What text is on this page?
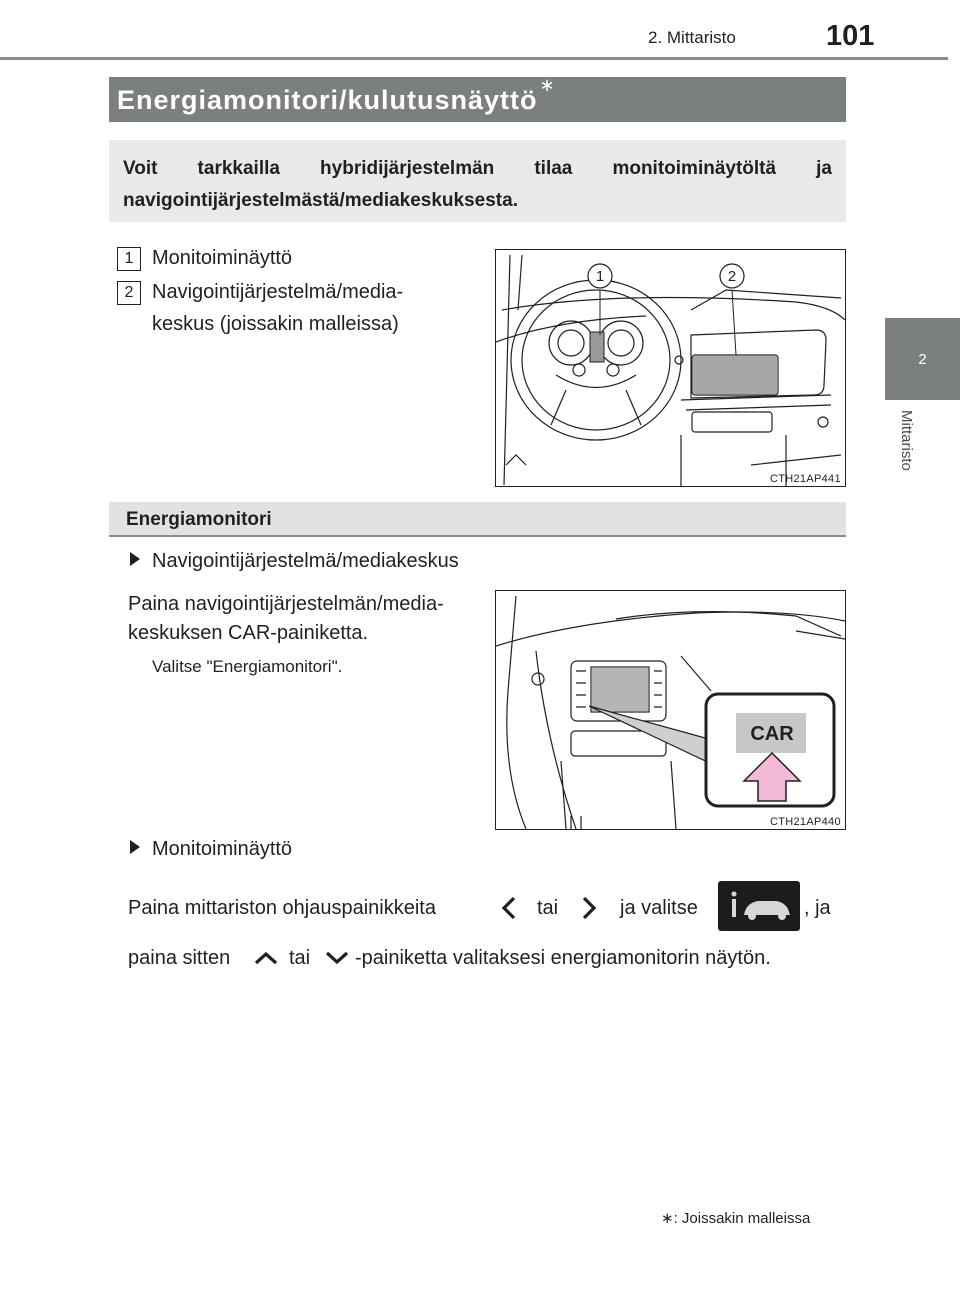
2. Mittaristo	101
2
Mittaristo
Energiamonitori/kulutusnäyttö ∗

Voit tarkkailla hybridijärjestelmän tilaa monitoiminäytöltä ja

navigointijärjestelmästä/mediakeskuksesta.

1 Monitoiminäyttö
2 Navigointijärjestelmä/media-
keskus (joissakin malleissa)
1	2
CTH21AP441
Energiamonitori
Navigointijärjestelmä/mediakeskus
Paina navigointijärjestelmän/media-
keskuksen CAR-painiketta.
Valitse "Energiamonitori".
CAR
CTH21AP440
Monitoiminäyttö
Paina mittariston ohjauspainikkeita	tai	ja valitse	, ja
paina sitten	tai -painiketta valitaksesi energiamonitorin näytön.
∗: Joissakin malleissa
